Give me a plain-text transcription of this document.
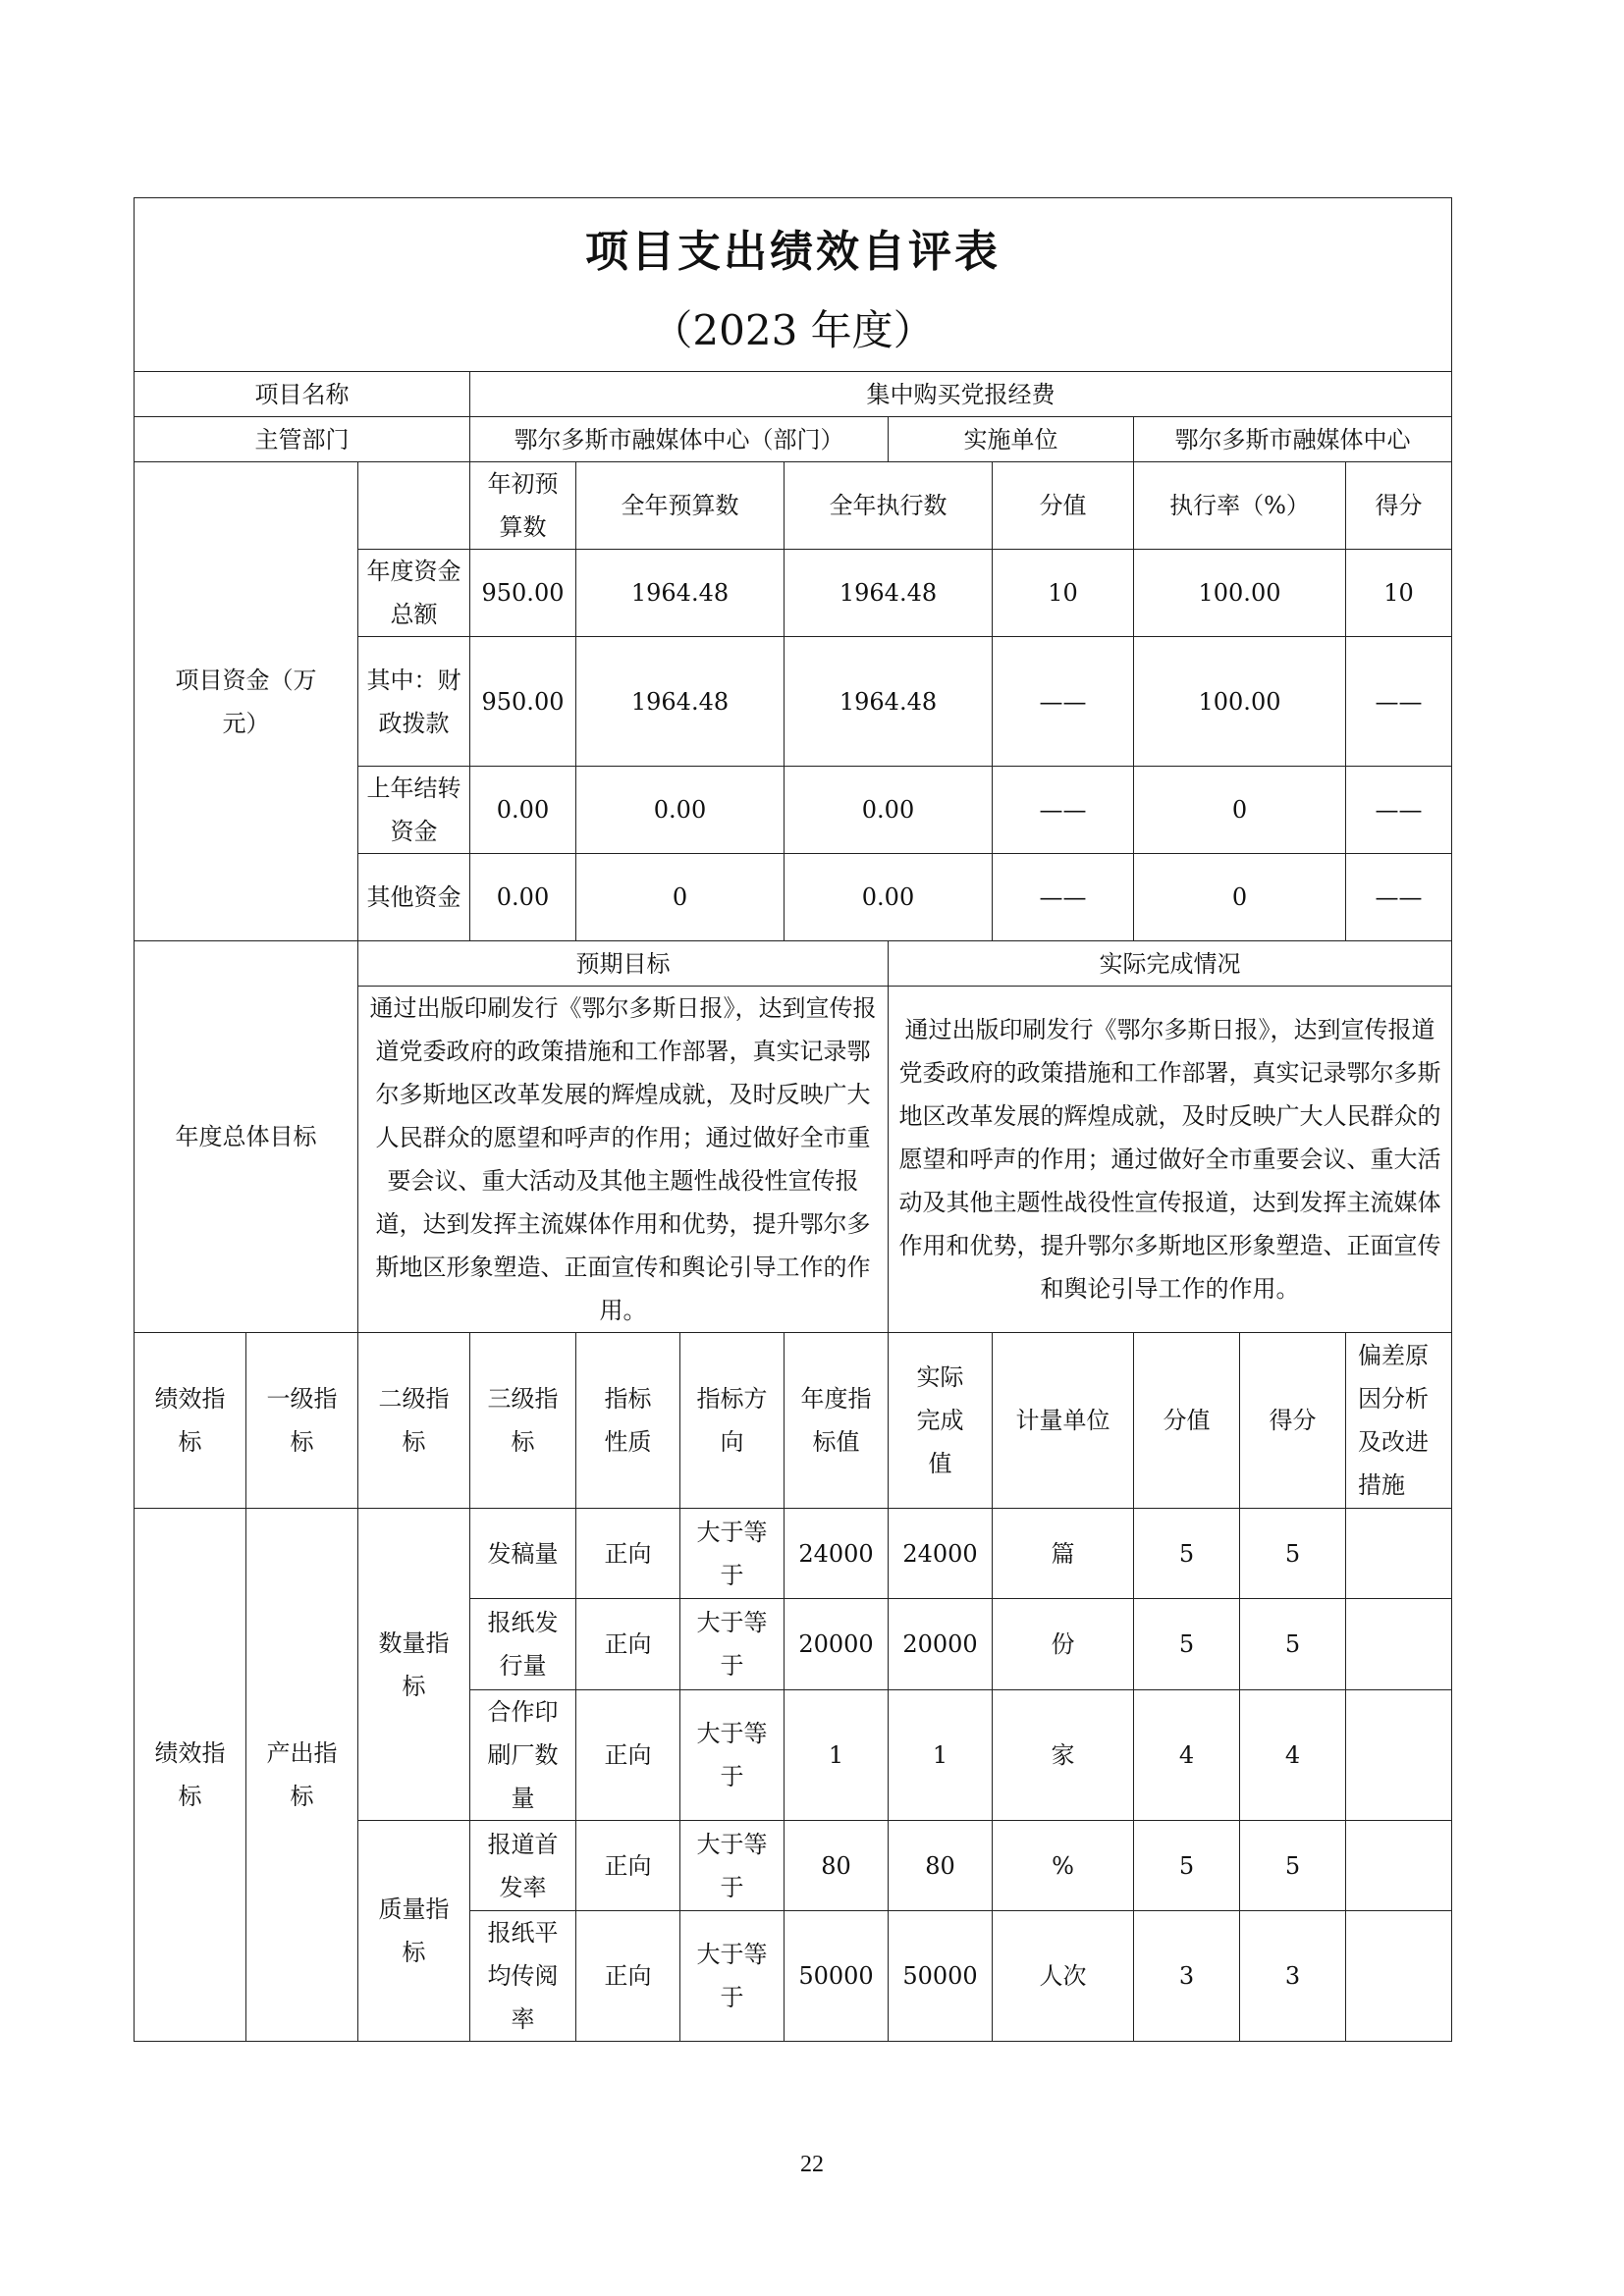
项目支出绩效自评表
（2023 年度）											

项目名称			集中购买党报经费								
主管部门			鄂尔多斯市融媒体中心（部门）				实施单位		鄂尔多斯市融媒体中心		
项目资金（万元）			年初预算数	全年预算数		全年执行数		分值	执行率（%）		得分
		年度资金总额	950.00	1964.48		1964.48		10	100.00		10
		其中：财政拨款	950.00	1964.48		1964.48		——	100.00		——
		上年结转资金	0.00	0.00		0.00		——	0		——
		其他资金	0.00	0		0.00		——	0		——
年度总体目标		预期目标					实际完成情况				
		通过出版印刷发行《鄂尔多斯日报》，达到宣传报道党委政府的政策措施和工作部署，真实记录鄂尔多斯地区改革发展的辉煌成就，及时反映广大人民群众的愿望和呼声的作用；通过做好全市重要会议、重大活动及其他主题性战役性宣传报道，达到发挥主流媒体作用和优势，提升鄂尔多斯地区形象塑造、正面宣传和舆论引导工作的作用。					通过出版印刷发行《鄂尔多斯日报》，达到宣传报道党委政府的政策措施和工作部署，真实记录鄂尔多斯地区改革发展的辉煌成就，及时反映广大人民群众的愿望和呼声的作用；通过做好全市重要会议、重大活动及其他主题性战役性宣传报道，达到发挥主流媒体作用和优势，提升鄂尔多斯地区形象塑造、正面宣传和舆论引导工作的作用。				
绩效指标	一级指标	二级指标	三级指标	指标性质	指标方向	年度指标值	实际完成值	计量单位	分值	得分	偏差原因分析及改进措施
绩效指标	产出指标	数量指标	发稿量	正向	大于等于	24000	24000	篇	5	5	
			报纸发行量	正向	大于等于	20000	20000	份	5	5	
			合作印刷厂数量	正向	大于等于	1	1	家	4	4	
		质量指标	报道首发率	正向	大于等于	80	80	%	5	5	
			报纸平均传阅率	正向	大于等于	50000	50000	人次	3	3	
22
